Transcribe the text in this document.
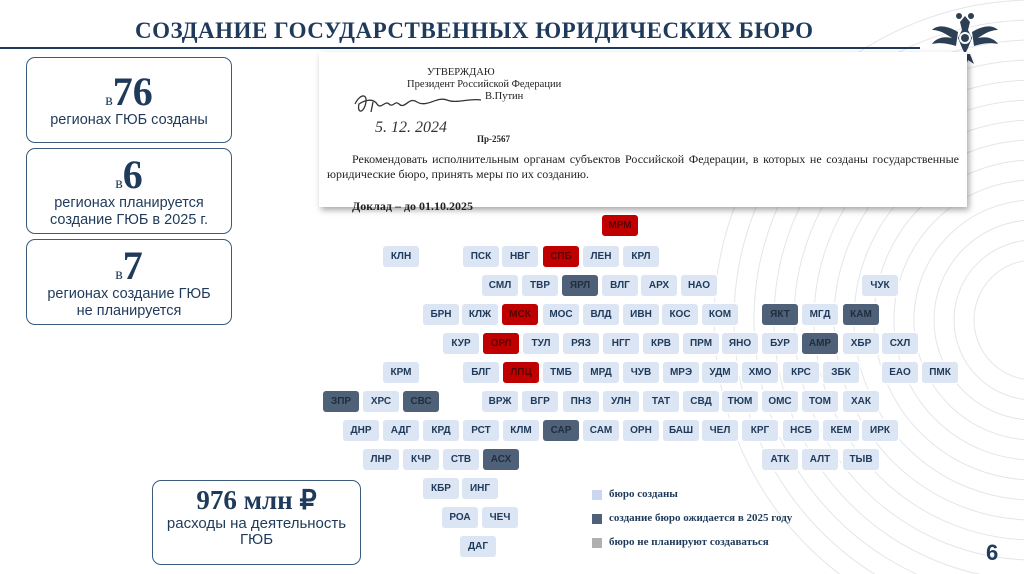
СОЗДАНИЕ ГОСУДАРСТВЕННЫХ ЮРИДИЧЕСКИХ БЮРО
в76
регионах ГЮБ созданы
в6
регионах планируется создание ГЮБ в 2025 г.
в7
регионах создание ГЮБ не планируется
УТВЕРЖДАЮ
Президент Российской Федерации
В.Путин
5. 12. 2024
Пр-2567
Рекомендовать исполнительным органам субъектов Российской Федерации, в которых не созданы государственные юридические бюро, принять меры по их созданию.
Доклад – до 01.10.2025
МРМ
КЛН	ПСК	НВГ	СПБ	ЛЕН	КРЛ
СМЛ	ТВР	ЯРЛ	ВЛГ	АРХ	НАО	ЧУК
БРН	КЛЖ	МСК	МОС	ВЛД	ИВН	КОС	КОМ	ЯКТ	МГД	КАМ
КУР	ОРЛ	ТУЛ	РЯЗ	НГГ	КРВ	ПРМ	ЯНО	БУР	АМР	ХБР	СХЛ
КРМ	БЛГ	ЛПЦ	ТМБ	МРД	ЧУВ	МРЭ	УДМ	ХМО	КРС	ЗБК	ЕАО	ПМК
ЗПР	ХРС	СВС	ВРЖ	ВГР	ПНЗ	УЛН	ТАТ	СВД	ТЮМ	ОМС	ТОМ	ХАК
ДНР	АДГ	КРД	РСТ	КЛМ	САР	САМ	ОРН	БАШ	ЧЕЛ	КРГ	НСБ	КЕМ	ИРК
ЛНР	КЧР	СТВ	АСХ	АТК	АЛТ	ТЫВ
КБР	ИНГ
РОА	ЧЕЧ
ДАГ
бюро созданы
создание бюро ожидается в 2025 году
бюро не планируют создаваться
976 млн ₽
расходы на деятельность ГЮБ
6
